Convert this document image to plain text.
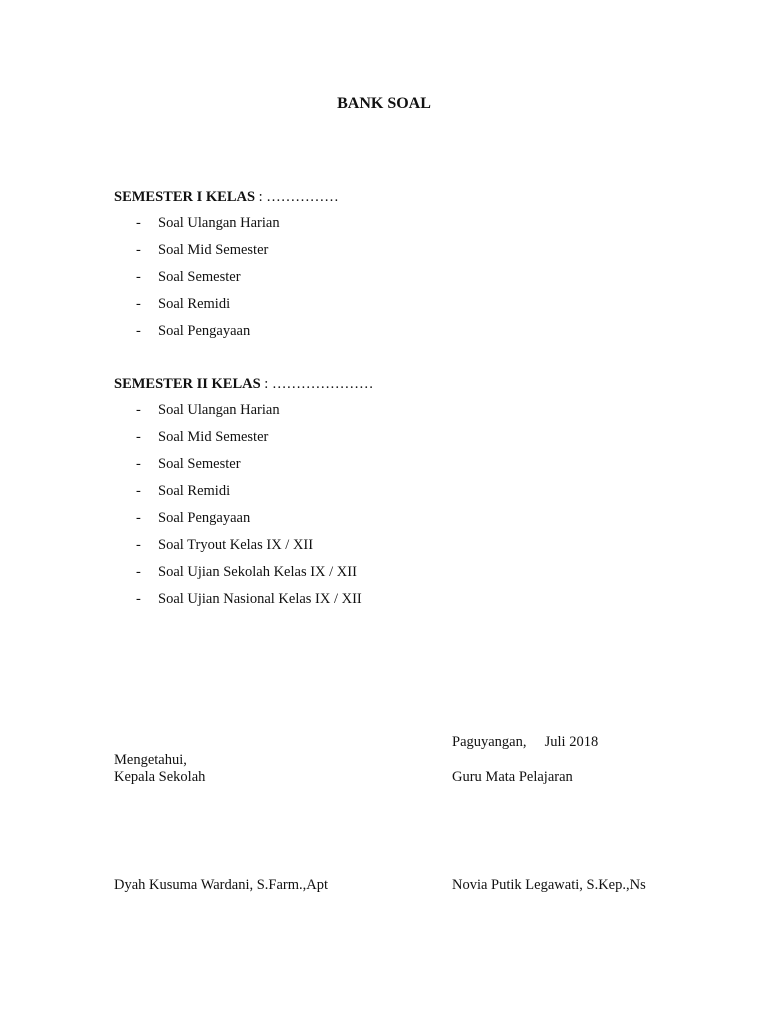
BANK SOAL
SEMESTER I KELAS : ……………
- Soal Ulangan Harian
- Soal Mid Semester
- Soal Semester
- Soal Remidi
- Soal Pengayaan
SEMESTER II KELAS : …………………
- Soal Ulangan Harian
- Soal Mid Semester
- Soal Semester
- Soal Remidi
- Soal Pengayaan
- Soal Tryout Kelas IX / XII
- Soal Ujian Sekolah Kelas IX / XII
- Soal Ujian Nasional Kelas IX / XII
Paguyangan,     Juli 2018
Mengetahui,
Kepala Sekolah	Guru Mata Pelajaran
Dyah Kusuma Wardani, S.Farm.,Apt	Novia Putik Legawati, S.Kep.,Ns
